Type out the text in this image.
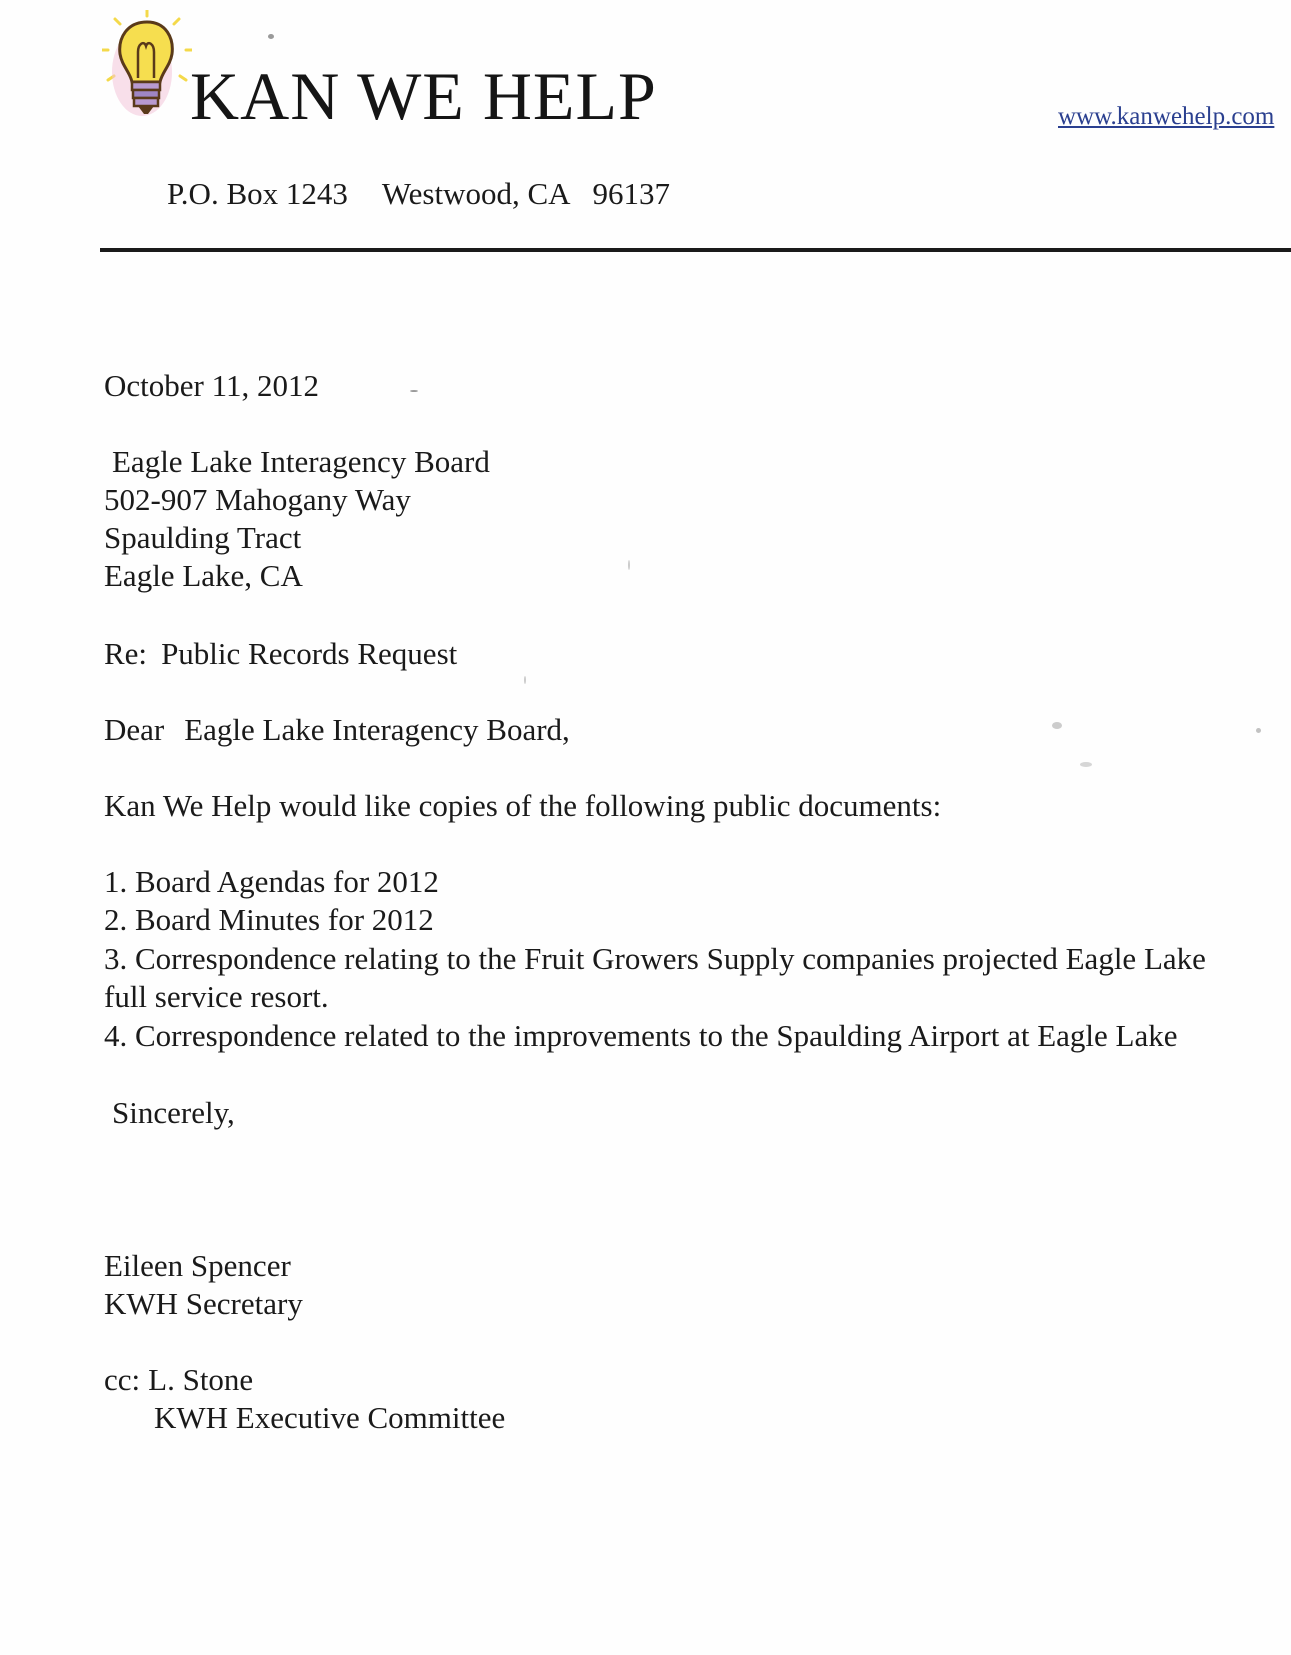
KAN WE HELP	www.kanwehelp.com
P.O. Box 1243 Westwood, CA 96137
October 11, 2012
Eagle Lake Interagency Board
502-907 Mahogany Way
Spaulding Tract
Eagle Lake, CA
Re: Public Records Request
Dear Eagle Lake Interagency Board,
Kan We Help would like copies of the following public documents:
1. Board Agendas for 2012
2. Board Minutes for 2012
3. Correspondence relating to the Fruit Growers Supply companies projected Eagle Lake
full service resort.
4. Correspondence related to the improvements to the Spaulding Airport at Eagle Lake
Sincerely,
Eileen Spencer
KWH Secretary
cc: L. Stone
KWH Executive Committee
